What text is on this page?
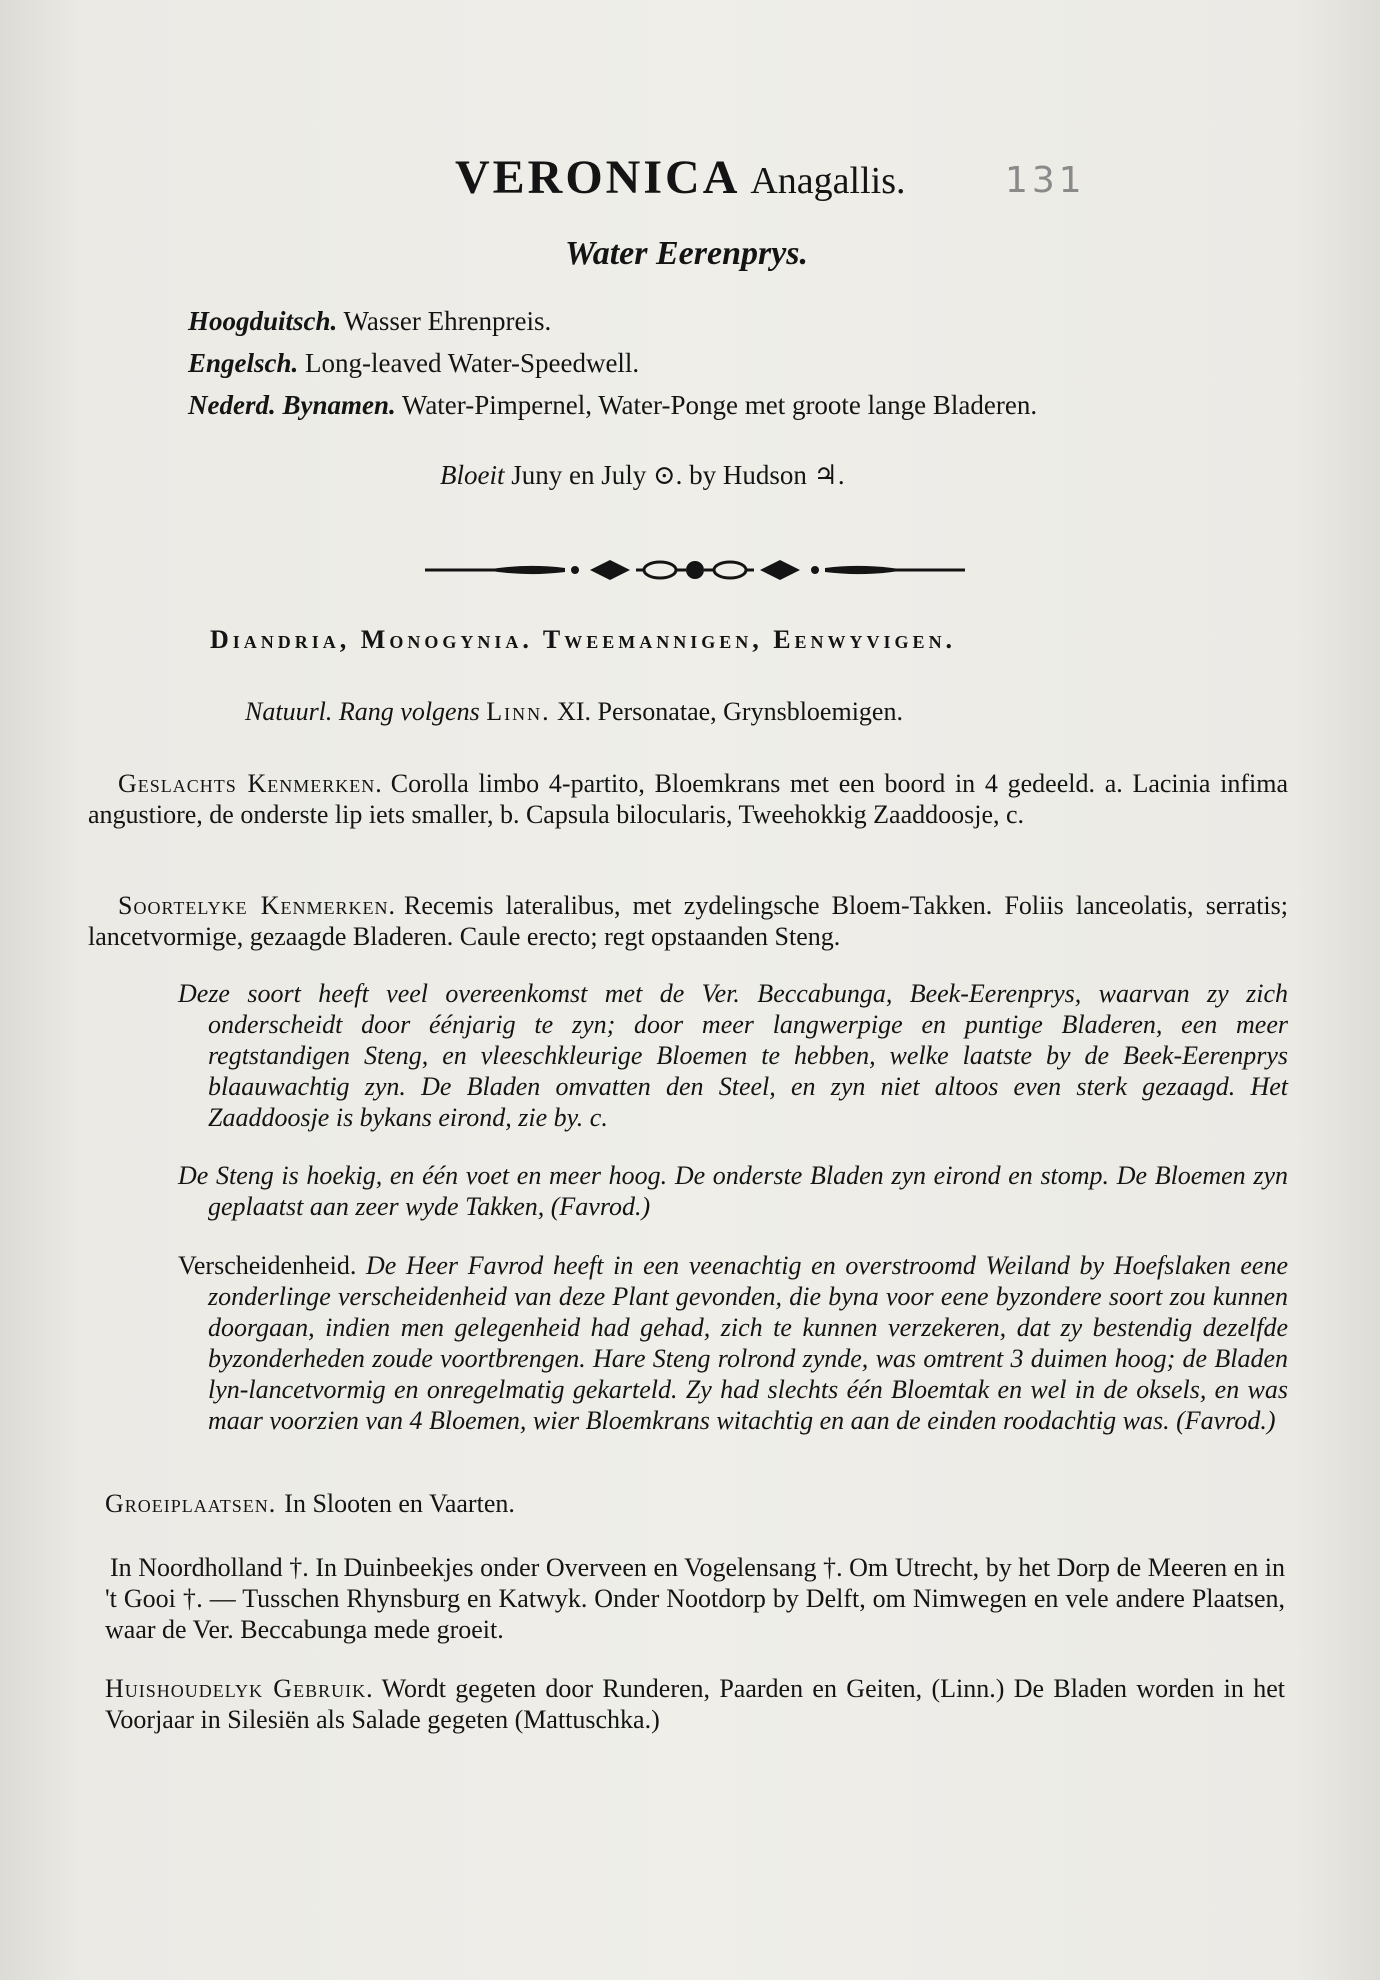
131
VERONICA Anagallis.
Water Eerenprys.
Hoogduitsch. Wasser Ehrenpreis.
Engelsch. Long-leaved Water-Speedwell.
Nederd. Bynamen. Water-Pimpernel, Water-Ponge met groote lange Bladeren.
Bloeit Juny en July ⊙. by Hudson ♃.
Diandria, Monogynia. Tweemannigen, Eenwyvigen.
Natuurl. Rang volgens Linn. XI. Personatae, Grynsbloemigen.
Geslachts Kenmerken. Corolla limbo 4-partito, Bloemkrans met een boord in 4 gedeeld. a. Lacinia infima angustiore, de onderste lip iets smaller, b. Capsula bilocularis, Tweehokkig Zaaddoosje, c.
Soortelyke Kenmerken. Recemis lateralibus, met zydelingsche Bloem-Takken. Foliis lanceolatis, serratis; lancetvormige, gezaagde Bladeren. Caule erecto; regt opstaanden Steng.
Deze soort heeft veel overeenkomst met de Ver. Beccabunga, Beek-Eerenprys, waarvan zy zich onderscheidt door éénjarig te zyn; door meer langwerpige en puntige Bladeren, een meer regtstandigen Steng, en vleeschkleurige Bloemen te hebben, welke laatste by de Beek-Eerenprys blaauwachtig zyn. De Bladen omvatten den Steel, en zyn niet altoos even sterk gezaagd. Het Zaaddoosje is bykans eirond, zie by. c.
De Steng is hoekig, en één voet en meer hoog. De onderste Bladen zyn eirond en stomp. De Bloemen zyn geplaatst aan zeer wyde Takken, (Favrod.)
Verscheidenheid. De Heer Favrod heeft in een veenachtig en overstroomd Weiland by Hoefslaken eene zonderlinge verscheidenheid van deze Plant gevonden, die byna voor eene byzondere soort zou kunnen doorgaan, indien men gelegenheid had gehad, zich te kunnen verzekeren, dat zy bestendig dezelfde byzonderheden zoude voortbrengen. Hare Steng rolrond zynde, was omtrent 3 duimen hoog; de Bladen lyn-lancetvormig en onregelmatig gekarteld. Zy had slechts één Bloemtak en wel in de oksels, en was maar voorzien van 4 Bloemen, wier Bloemkrans witachtig en aan de einden roodachtig was. (Favrod.)
Groeiplaatsen. In Slooten en Vaarten.
In Noordholland †. In Duinbeekjes onder Overveen en Vogelensang †. Om Utrecht, by het Dorp de Meeren en in 't Gooi †. — Tusschen Rhynsburg en Katwyk. Onder Nootdorp by Delft, om Nimwegen en vele andere Plaatsen, waar de Ver. Beccabunga mede groeit.
Huishoudelyk Gebruik. Wordt gegeten door Runderen, Paarden en Geiten, (Linn.) De Bladen worden in het Voorjaar in Silesiën als Salade gegeten (Mattuschka.)
